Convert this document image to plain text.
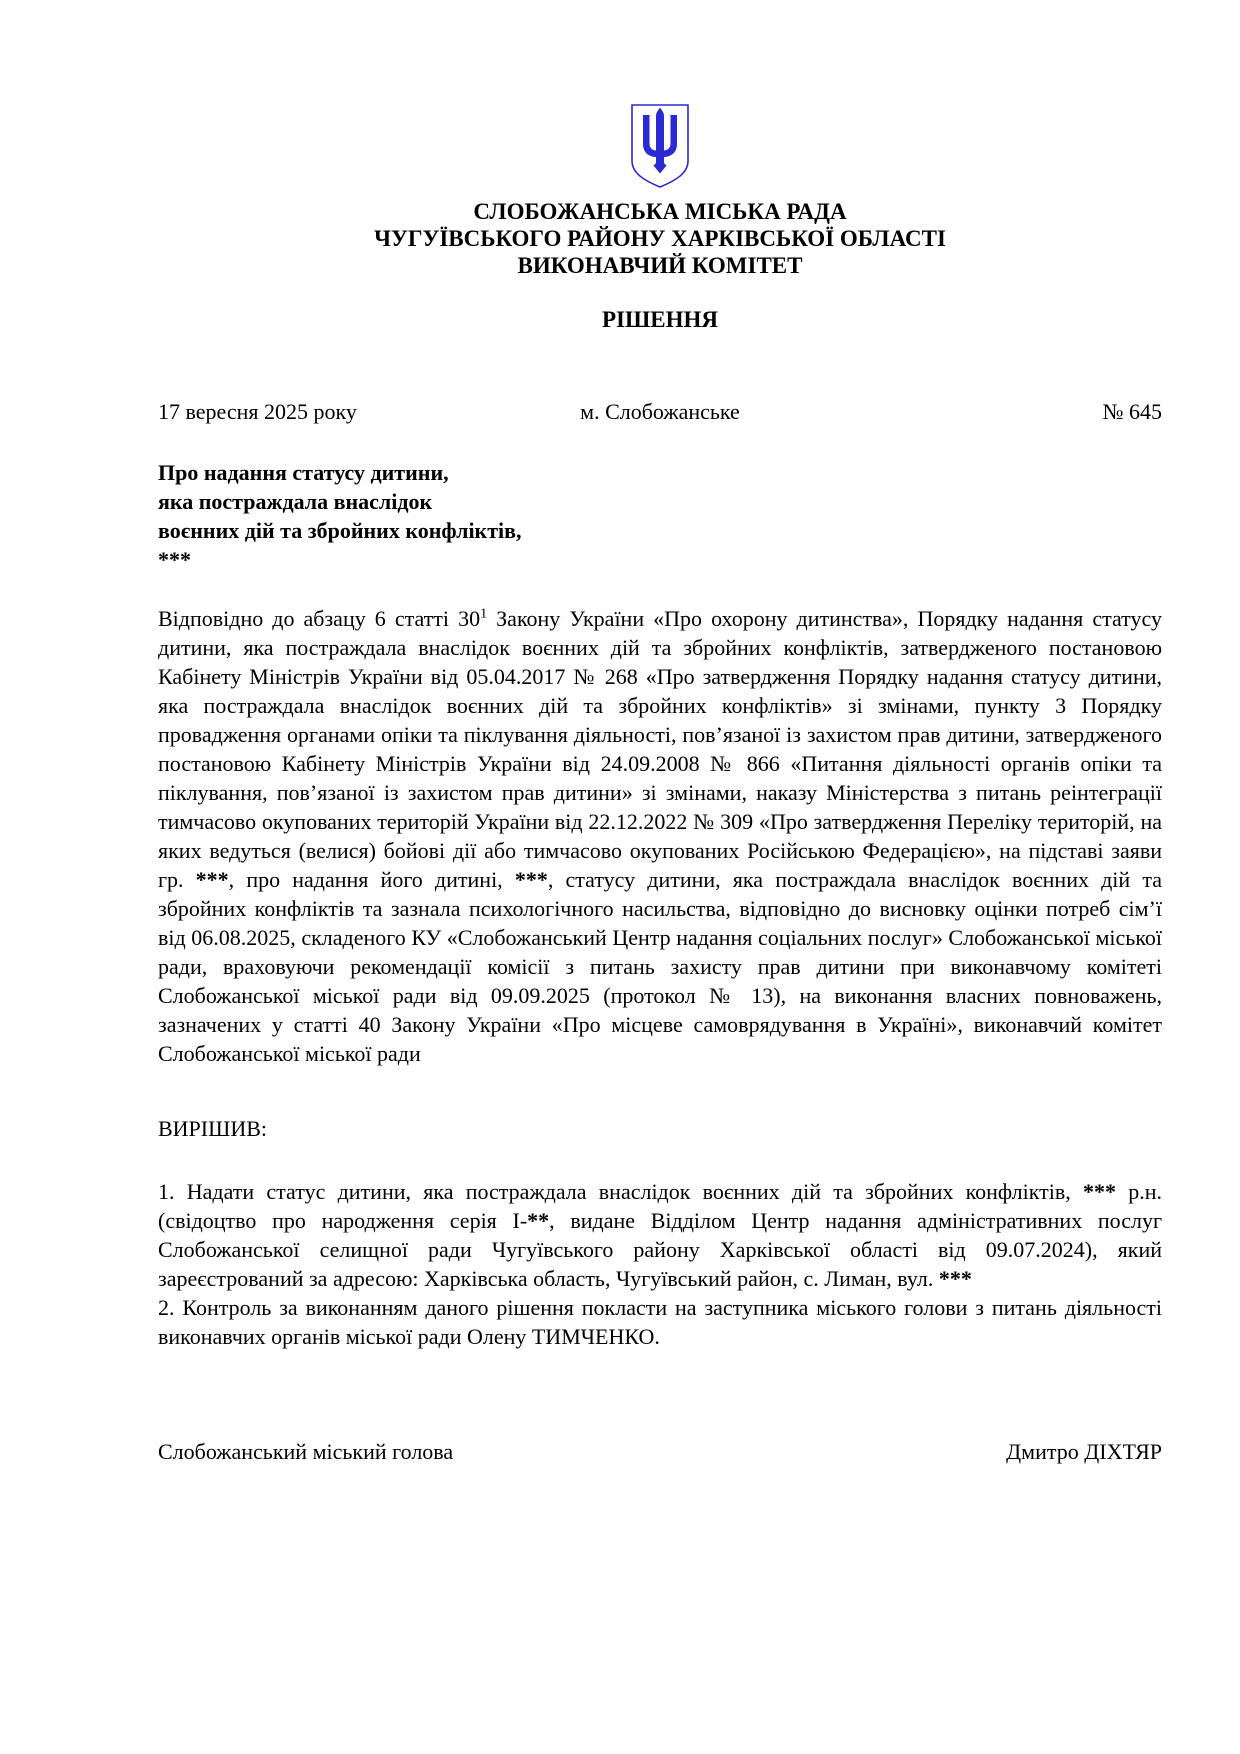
СЛОБОЖАНСЬКА МІСЬКА РАДА
ЧУГУЇВСЬКОГО РАЙОНУ ХАРКІВСЬКОЇ ОБЛАСТІ
ВИКОНАВЧИЙ КОМІТЕТ
РІШЕННЯ
17 вересня 2025 року	м. Слобожанське	№ 645
Про надання статусу дитини,
яка постраждала внаслідок
воєнних дій та збройних конфліктів,
***
Відповідно до абзацу 6 статті $30^1$ Закону України «Про охорону дитинства», Порядку надання статусу дитини, яка постраждала внаслідок воєнних дій та збройних конфліктів, затвердженого постановою Кабінету Міністрів України від 05.04.2017 № 268 «Про затвердження Порядку надання статусу дитини, яка постраждала внаслідок воєнних дій та збройних конфліктів» зі змінами, пункту 3 Порядку провадження органами опіки та піклування діяльності, пов’язаної із захистом прав дитини, затвердженого постановою Кабінету Міністрів України від 24.09.2008 № 866 «Питання діяльності органів опіки та піклування, пов’язаної із захистом прав дитини» зі змінами, наказу Міністерства з питань реінтеграції тимчасово окупованих територій України від 22.12.2022 № 309 «Про затвердження Переліку територій, на яких ведуться (велися) бойові дії або тимчасово окупованих Російською Федерацією», на підставі заяви гр. ***, про надання його дитині, ***, статусу дитини, яка постраждала внаслідок воєнних дій та збройних конфліктів та зазнала психологічного насильства, відповідно до висновку оцінки потреб сім’ї від 06.08.2025, складеного КУ «Слобожанський Центр надання соціальних послуг» Слобожанської міської ради, враховуючи рекомендації комісії з питань захисту прав дитини при виконавчому комітеті Слобожанської міської ради від 09.09.2025 (протокол № 13), на виконання власних повноважень, зазначених у статті 40 Закону України «Про місцеве самоврядування в Україні», виконавчий комітет Слобожанської міської ради
ВИРІШИВ:
1. Надати статус дитини, яка постраждала внаслідок воєнних дій та збройних конфліктів, *** р.н. (свідоцтво про народження серія І-**, видане Відділом Центр надання адміністративних послуг Слобожанської селищної ради Чугуївського району Харківської області від 09.07.2024), який зареєстрований за адресою: Харківська область, Чугуївський район, с. Лиман, вул. ***
2. Контроль за виконанням даного рішення покласти на заступника міського голови з питань діяльності виконавчих органів міської ради Олену ТИМЧЕНКО.
Слобожанський міський голова	Дмитро ДІХТЯР
